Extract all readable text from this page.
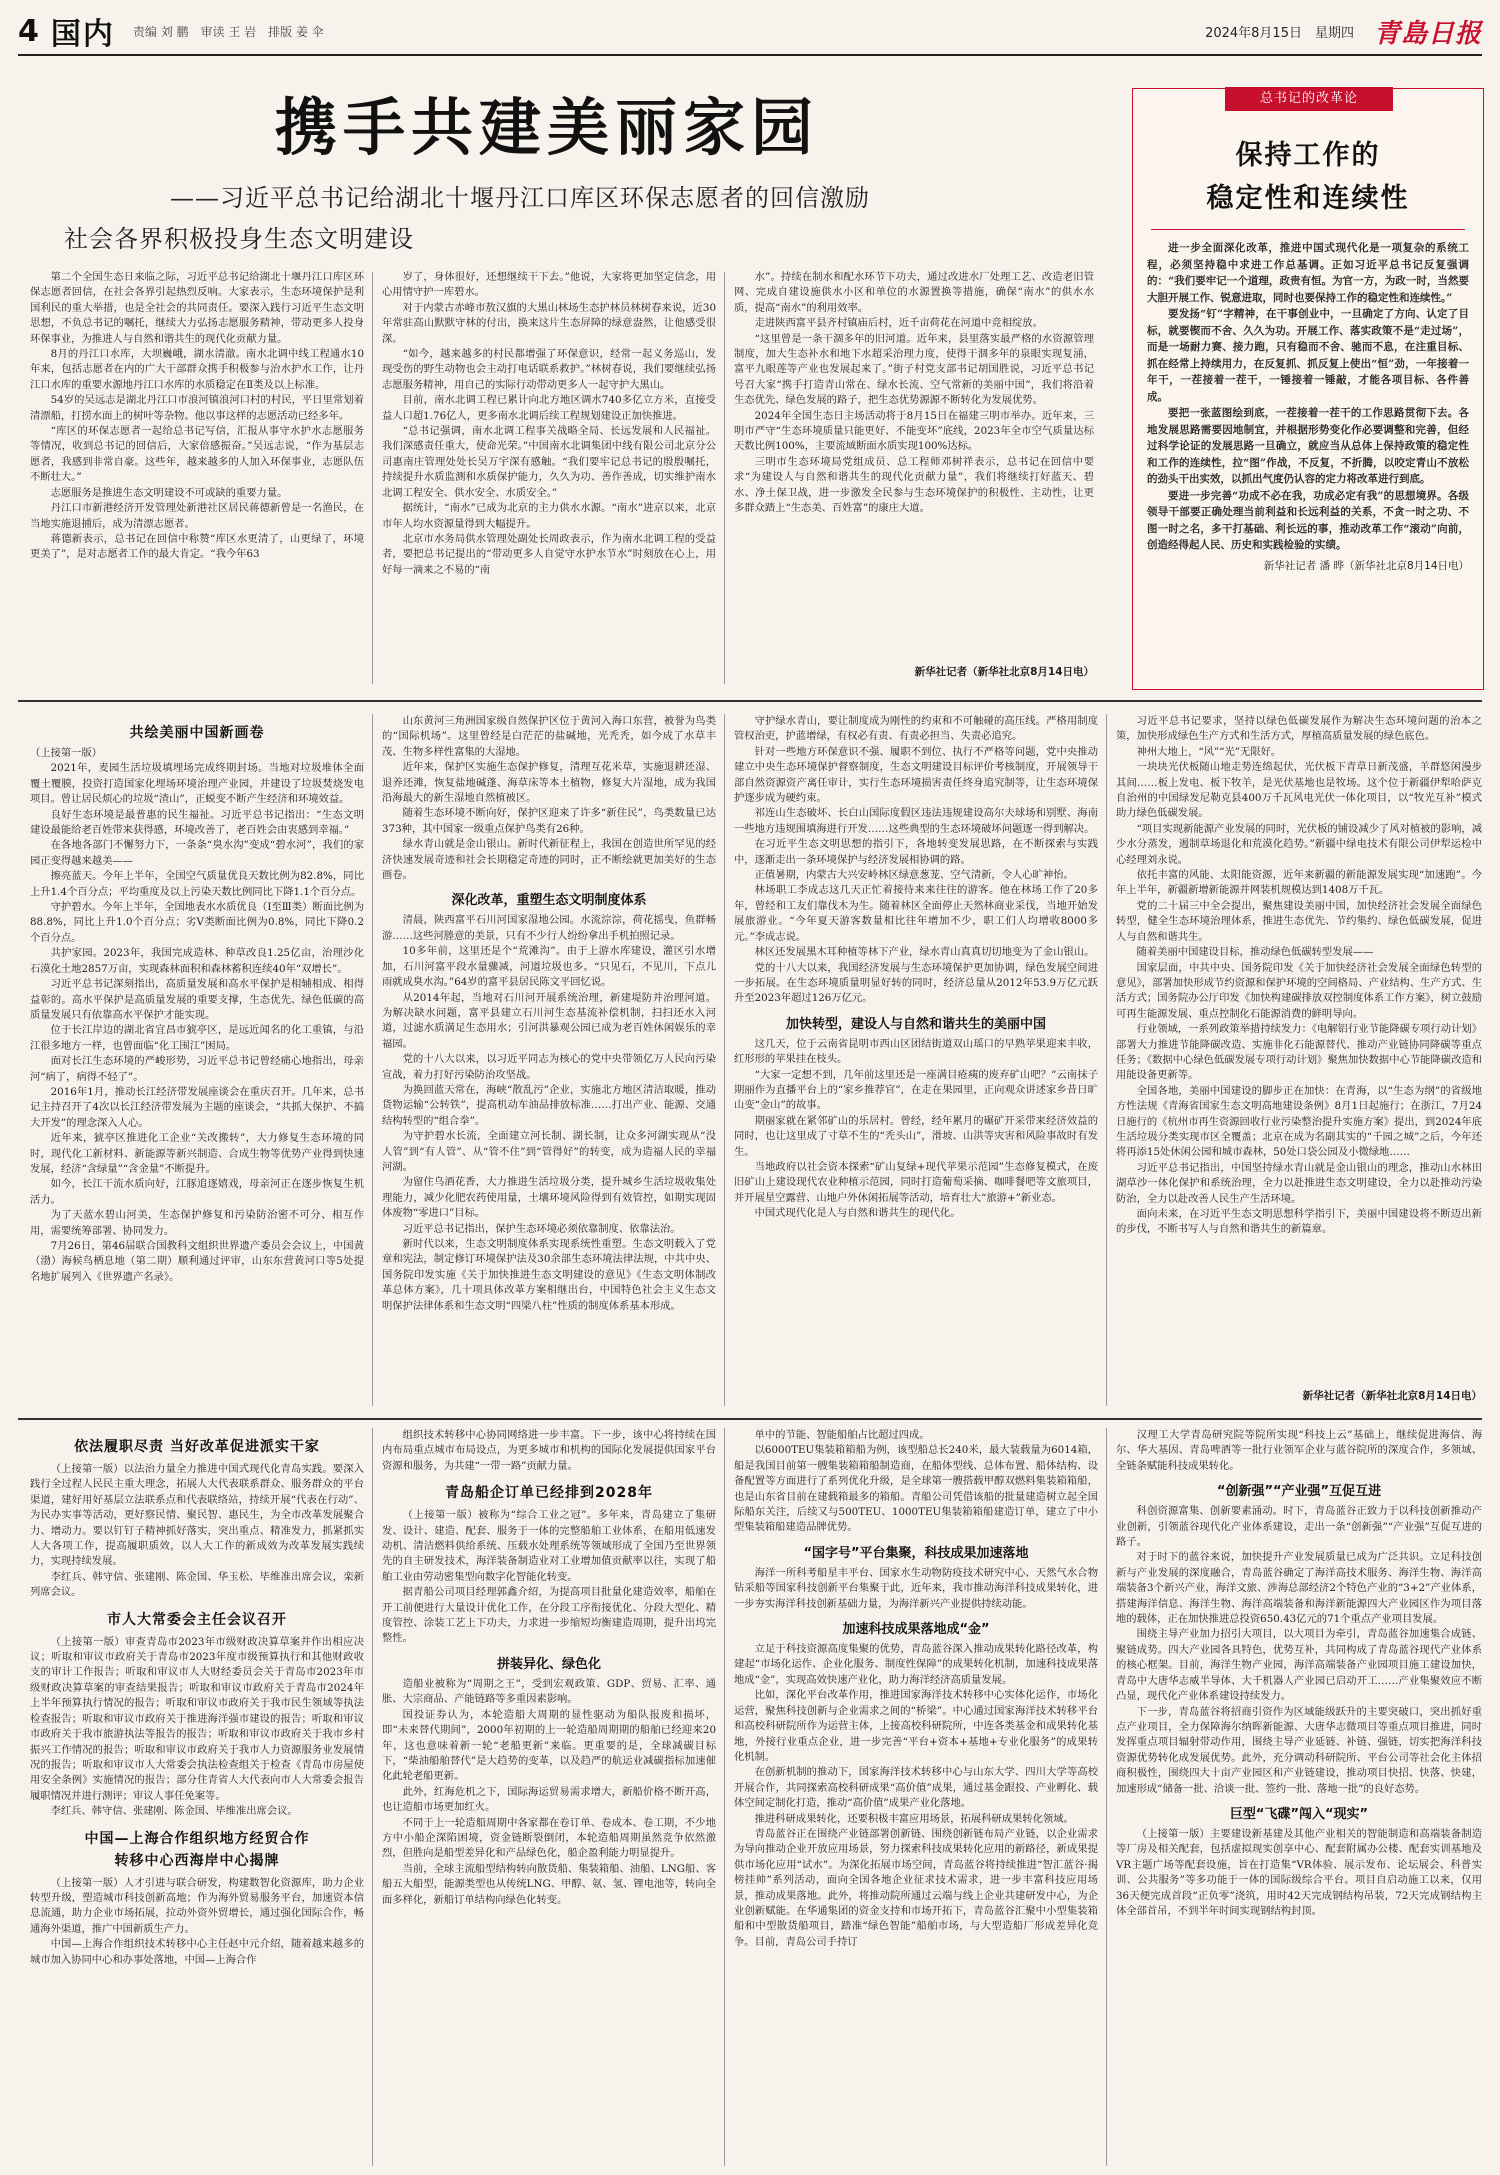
4 国内 责编 刘 鹏 审读 王 岩 排版 姜 伞	2024年8月15日　星期四 青島日报
携手共建美丽家园
——习近平总书记给湖北十堰丹江口库区环保志愿者的回信激励
社会各界积极投身生态文明建设

第二个全国生态日来临之际，习近平总书记给湖北十堰丹江口库区环保志愿者回信，在社会各界引起热烈反响。大家表示，生态环境保护是利国利民的重大举措，也是全社会的共同责任。要深入践行习近平生态文明思想，不负总书记的嘱托，继续大力弘扬志愿服务精神，带动更多人投身环保事业，为推进人与自然和谐共生的现代化贡献力量。

8月的丹江口水库，大坝巍峨，湖水清澈。南水北调中线工程通水10年来，包括志愿者在内的广大干部群众携手积极参与治水护水工作，让丹江口水库的重要水源地丹江口水库的水质稳定在Ⅱ类及以上标准。

54岁的吴远志是湖北丹江口市浪河镇浪河口村的村民，平日里常划着清漂船，打捞水面上的树叶等杂物。他以事这样的志愿活动已经多年。

“库区的环保志愿者一起给总书记写信，汇报从事守水护水志愿服务等情况，收到总书记的回信后，大家倍感振奋。”吴远志说，“作为基层志愿者，我感到非常自豪。这些年，越来越多的人加入环保事业，志愿队伍不断壮大。”

志愿服务是推进生态文明建设不可或缺的重要力量。

丹江口市新港经济开发管理处新港社区居民蒋德新曾是一名渔民，在当地实施退捕后，成为清漂志愿者。

蒋德新表示，总书记在回信中称赞“库区水更清了，山更绿了，环境更美了”，是对志愿者工作的最大肯定。“我今年63

岁了，身体很好，还想继续干下去。”他说，大家将更加坚定信念，用心用情守护一库碧水。

对于内蒙古赤峰市敖汉旗的大黑山林场生态护林员林树春来说，近30年常驻高山默默守林的付出，换来这片生态屏障的绿意盎然，让他感受很深。

“如今，越来越多的村民都增强了环保意识，经常一起义务巡山，发现受伤的野生动物也会主动打电话联系救护。”林树春说，我们要继续弘扬志愿服务精神，用自己的实际行动带动更多人一起守护大黑山。

目前，南水北调工程已累计向北方地区调水740多亿立方米，直接受益人口超1.76亿人，更多南水北调后续工程规划建设正加快推进。

“总书记强调，南水北调工程事关战略全局、长远发展和人民福祉。我们深感责任重大，使命光荣。”中国南水北调集团中线有限公司北京分公司惠南庄管理处处长吴万宇深有感触。“我们要牢记总书记的殷殷嘱托，持续提升水质监测和水质保护能力，久久为功、善作善成，切实维护南水北调工程安全、供水安全、水质安全。”

据统计，“南水”已成为北京的主力供水水源。“南水”进京以来，北京市年人均水资源量得到大幅提升。

北京市水务局供水管理处副处长周政表示，作为南水北调工程的受益者，要把总书记提出的“带动更多人自觉守水护水节水”时刻放在心上，用好每一滴来之不易的“南

水”。持续在制水和配水环节下功夫，通过改进水厂处理工艺、改造老旧管网、完成自建设施供水小区和单位的水源置换等措施，确保“南水”的供水水质，提高“南水”的利用效率。

走进陕西富平县齐村镇庙后村，近千亩荷花在河道中竞相绽放。

“这里曾是一条干涸多年的旧河道。近年来，县里落实最严格的水资源管理制度，加大生态补水和地下水超采治理力度，使得干涸多年的泉眼实现复涌，富平九眼莲等产业也发展起来了。”街子村党支部书记胡国胜说，习近平总书记号召大家“携手打造青山常在、绿水长流、空气常新的美丽中国”，我们将沿着生态优先、绿色发展的路子，把生态优势源源不断转化为发展优势。

2024年全国生态日主场活动将于8月15日在福建三明市举办。近年来，三明市严守“生态环境质量只能更好、不能变坏”底线，2023年全市空气质量达标天数比例100%，主要流域断面水质实现100%达标。

三明市生态环境局党组成员、总工程师邓树祥表示，总书记在回信中要求“为建设人与自然和谐共生的现代化贡献力量”，我们将继续打好蓝天、碧水、净土保卫战，进一步激发全民参与生态环境保护的积极性、主动性，让更多群众踏上“生态美、百姓富”的康庄大道。

新华社记者（新华社北京8月14日电）
总书记的改革论
保持工作的
稳定性和连续性

进一步全面深化改革，推进中国式现代化是一项复杂的系统工程，必须坚持稳中求进工作总基调。正如习近平总书记反复强调的：“我们要牢记一个道理，政贵有恒。为官一方，为政一时，当然要大胆开展工作、锐意进取，同时也要保持工作的稳定性和连续性。”

要发扬“钉”字精神，在干事创业中，一旦确定了方向、认定了目标，就要锲而不舍、久久为功。开展工作、落实政策不是“走过场”，而是一场耐力赛、接力跑，只有稳而不舍、驰而不息，在注重目标、抓在经常上持续用力，在反复抓、抓反复上使出“恒”劲，一年接着一年干，一茬接着一茬干，一锤接着一锤敲，才能各项目标、各件善成。

要把一张蓝图绘到底，一茬接着一茬干的工作思路贯彻下去。各地发展思路需要因地制宜，并根据形势变化作必要调整和完善，但经过科学论证的发展思路一旦确立，就应当从总体上保持政策的稳定性和工作的连续性，拉“图”作战，不反复，不折腾，以咬定青山不放松的劲头干出实效，以抓出气度仍认容的定力将改革进行到底。

要进一步完善“功成不必在我，功成必定有我”的思想境界。各级领导干部要正确处理当前利益和长远利益的关系，不贪一时之功、不图一时之名，多干打基础、利长远的事，推动改革工作“滚动”向前，创造经得起人民、历史和实践检验的实绩。

新华社记者 潘 晔（新华社北京8月14日电）
共绘美丽中国新画卷

（上接第一版）

2021年，麦园生活垃圾填埋场完成终期封场。当地对垃圾堆体全面覆土覆膜，投资打造国家化埋场环境治理产业园，并建设了垃圾焚烧发电项目。曾让居民烦心的垃圾“渣山”，正蜕变不断产生经济和环境效益。

良好生态环境是最普惠的民生福祉。习近平总书记指出：“生态文明建设最能给老百姓带来获得感，环境改善了，老百姓会由衷感到幸福。”

在各地各部门不懈努力下，一条条“臭水沟”变成“碧水河”，我们的家园正变得越来越美——

擦亮蓝天。今年上半年，全国空气质量优良天数比例为82.8%，同比上升1.4个百分点；平均重度及以上污染天数比例同比下降1.1个百分点。

守护碧水。今年上半年，全国地表水水质优良（Ⅰ至Ⅲ类）断面比例为88.8%，同比上升1.0个百分点；劣Ⅴ类断面比例为0.8%，同比下降0.2个百分点。

共护家园。2023年，我国完成造林、种草改良1.25亿亩，治理沙化石漠化土地2857万亩，实现森林面积和森林蓄积连续40年“双增长”。

习近平总书记深刻指出，高质量发展和高水平保护是相辅相成、相得益彰的。高水平保护是高质量发展的重要支撑，生态优先、绿色低碳的高质量发展只有依靠高水平保护才能实现。

位于长江岸边的湖北省宜昌市猇亭区，是远近闻名的化工重镇，与沿江很多地方一样，也曾面临“化工围江”困局。

面对长江生态环境的严峻形势，习近平总书记曾经痛心地指出，母亲河“病了，病得不轻了”。

2016年1月，推动长江经济带发展座谈会在重庆召开。几年来，总书记主持召开了4次以长江经济带发展为主题的座谈会，“共抓大保护、不搞大开发”的理念深入人心。

近年来，猇亭区推进化工企业“关改搬转”，大力修复生态环境的同时，现代化工新材料、新能源等新兴制造、合成生物等优势产业得到快速发展，经济“含绿量”“含金量”不断提升。

如今，长江干流水质向好，江豚追逐嬉戏，母亲河正在逐步恢复生机活力。

为了天蓝水碧山河美，生态保护修复和污染防治密不可分、相互作用，需要统筹部署、协同发力。

7月26日，第46届联合国教科文组织世界遗产委员会会议上，中国黄（渤）海候鸟栖息地（第二期）顺利通过评审，山东东营黄河口等5处提名地扩展列入《世界遗产名录》。

山东黄河三角洲国家级自然保护区位于黄河入海口东营，被誉为鸟类的“国际机场”。这里曾经是白茫茫的盐碱地，光秃秃，如今成了水草丰茂、生物多样性富集的大湿地。

近年来，保护区实施生态保护修复，清理互花米草，实施退耕还湿、退养还滩，恢复盐地碱蓬、海草床等本土植物，修复大片湿地，成为我国沿海最大的新生湿地自然植被区。

随着生态环境不断向好，保护区迎来了许多“新住民”，鸟类数量已达373种，其中国家一级重点保护鸟类有26种。

绿水青山就是金山银山。新时代新征程上，我国在创造世所罕见的经济快速发展奇迹和社会长期稳定奇迹的同时，正不断绘就更加美好的生态画卷。

深化改革，重塑生态文明制度体系

清晨，陕西富平石川河国家湿地公园。水流淙淙，荷花摇曳，鱼群畅游……这些河塍意的美景，只有不少行人纷纷拿出手机拍照记录。

10多年前，这里还是个“荒滩沟”。由于上游水库建设，灌区引水增加，石川河富平段水量骤减，河道垃圾也多。“只见石，不见川，下点儿雨就成臭水沟。”64岁的富平县居民陈文平回忆说。

从2014年起，当地对石川河开展系统治理，新建堤防并治理河道。为解决缺水问题，富平县建立石川河生态基流补偿机制，扫扫还水入河道，过滤水质满足生态用水；引河洪暴观公园已成为老百姓休闲娱乐的幸福园。

党的十八大以来，以习近平同志为核心的党中央带领亿万人民向污染宣战，着力打好污染防治攻坚战。

为换回蓝天常在，海峡“散乱污”企业，实施北方地区清洁取暖，推动货物运输“公转铁”，提高机动车油品排放标准……打出产业、能源、交通结构转型的“组合拳”。

为守护碧水长流，全面建立河长制、湖长制，让众多河湖实现从“没人管”到“有人管”、从“管不住”到“管得好”的转变，成为造福人民的幸福河湖。

为留住乌酒花香，大力推进生活垃圾分类，提升城乡生活垃圾收集处理能力，减少化肥农药使用量，土壤环境风险得到有效管控，如期实现固体废物“零进口”目标。

习近平总书记指出，保护生态环境必须依靠制度、依靠法治。

新时代以来，生态文明制度体系实现系统性重塑。生态文明载入了党章和宪法，制定修订环境保护法及30余部生态环境法律法规，中共中央、国务院印发实施《关于加快推进生态文明建设的意见》《生态文明体制改革总体方案》，几十项具体改革方案相继出台，中国特色社会主义生态文明保护法律体系和生态文明“四梁八柱”性质的制度体系基本形成。

守护绿水青山，要让制度成为刚性的约束和不可触碰的高压线。严格用制度管权治吏，护蓝增绿，有权必有责、有责必担当、失责必追究。

针对一些地方环保意识不强、履职不到位、执行不严格等问题，党中央推动建立中央生态环境保护督察制度，生态文明建设目标评价考核制度，开展领导干部自然资源资产离任审计，实行生态环境损害责任终身追究制等，让生态环境保护逐步成为硬约束。

祁连山生态破坏、长白山国际度假区违法违规建设高尔夫球场和别墅、海南一些地方违规围填海进行开发……这些典型的生态环境破坏问题逐一得到解决。

在习近平生态文明思想的指引下，各地转变发展思路，在不断探索与实践中，逐渐走出一条环境保护与经济发展相协调的路。

正值暑期，内蒙古大兴安岭林区绿意葱茏、空气清新，令人心旷神怡。

林场职工李成志这几天正忙着接待来来往往的游客。他在林场工作了20多年，曾经和工友们靠伐木为生。随着林区全面停止天然林商业采伐，当地开始发展旅游业。“今年夏天游客数量相比往年增加不少，职工们人均增收8000多元。”李成志说。

林区还发展黑木耳种植等林下产业，绿水青山真真切切地变为了金山银山。

党的十八大以来，我国经济发展与生态环境保护更加协调，绿色发展空间进一步拓展。在生态环境质量明显好转的同时，经济总量从2012年53.9万亿元跃升至2023年超过126万亿元。

加快转型，建设人与自然和谐共生的美丽中国

这几天，位于云南省昆明市西山区团结街道双山瑶口的早熟苹果迎来丰收，红形形的苹果挂在枝头。

“大家一定想不到，几年前这里还是一座满目疮痍的废弃矿山吧？”云南抹子期丽作为直播平台上的“家乡推荐官”，在走在果园里，正向观众讲述家乡昔日旷山变“金山”的故事。

期丽家就在紧邻矿山的乐居村。曾经，经年累月的碾矿开采带来经济效益的同时，也让这里成了寸草不生的“秃头山”，滑坡、山洪等灾害和风险事故时有发生。

当地政府以社会资本探索“矿山复绿+现代苹果示范园”生态修复模式，在废旧矿山上建设现代农业种植示范园，同时打造葡萄采摘、咖啡餐吧等文旅项目，并开展星空露营、山地户外休闲拓展等活动，培育壮大“旅游+”新业态。

中国式现代化是人与自然和谐共生的现代化。

习近平总书记要求，坚持以绿色低碳发展作为解决生态环境问题的治本之策，加快形成绿色生产方式和生活方式，厚植高质量发展的绿色底色。

神州大地上，“风”“光”无限好。

一块块光伏板随山地走势连绵起伏，光伏板下青草日新茂盛，羊群悠闲漫步其间……板上发电、板下牧羊，是光伏基地也是牧场。这个位于新疆伊犁哈萨克自治州的中国绿发尼勒克县400万千瓦风电光伏一体化项目，以“牧光互补”模式助力绿色低碳发展。

“项目实现新能源产业发展的同时，光伏板的铺设减少了风对植被的影响，减少水分蒸发，遏制草场退化和荒漠化趋势。”新疆中绿电技术有限公司伊犁运检中心经理刘永说。

依托丰富的风能、太阳能资源，近年来新疆的新能源发展实现“加速跑”。今年上半年，新疆新增新能源并网装机规模达到1408万千瓦。

党的二十届三中全会提出，聚焦建设美丽中国，加快经济社会发展全面绿色转型，健全生态环境治理体系，推进生态优先、节约集约、绿色低碳发展，促进人与自然和谐共生。

随着美丽中国建设目标，推动绿色低碳转型发展——

国家层面，中共中央、国务院印发《关于加快经济社会发展全面绿色转型的意见》，部署加快形成节约资源和保护环境的空间格局、产业结构、生产方式、生活方式；国务院办公厅印发《加快构建碳排放双控制度体系工作方案》，树立鼓励可再生能源发展、重点控制化石能源消费的鲜明导向。

行业领域，一系列政策举措持续发力：《电解铝行业节能降碳专项行动计划》部署大力推进节能降碳改造、实施非化石能源替代、推动产业链协同降碳等重点任务；《数据中心绿色低碳发展专项行动计划》聚焦加快数据中心节能降碳改造和用能设备更新等。

全国各地，美丽中国建设的脚步正在加快：在青海，以“生态为纲”的省级地方性法规《青海省国家生态文明高地建设条例》8月1日起施行；在浙江，7月24日施行的《杭州市再生资源回收行业污染整治提升实施方案》提出，到2024年底生活垃圾分类实现市区全覆盖；北京在成为名副其实的“千园之城”之后，今年还将再添15处休闲公园和城市森林，50处口袋公园及小微绿地……

习近平总书记指出，中国坚持绿水青山就是金山银山的理念，推动山水林田湖草沙一体化保护和系统治理，全力以赴推进生态文明建设，全力以赴推动污染防治，全力以赴改善人民生产生活环境。

面向未来，在习近平生态文明思想科学指引下，美丽中国建设将不断迈出新的步伐，不断书写人与自然和谐共生的新篇章。

新华社记者（新华社北京8月14日电）
依法履职尽责 当好改革促进派实干家

（上接第一版）以法治力量全力推进中国式现代化青岛实践。要深入践行全过程人民民主重大理念，拓展人大代表联系群众、服务群众的平台渠道，建好用好基层立法联系点和代表联络站，持续开展“代表在行动”、为民办实事等活动，更好察民情、聚民智、惠民生，为全市改革发展聚合力、增动力。要以钉钉子精神抓好落实，突出重点、精准发力，抓紧抓实人大各项工作，提高履职质效，以人大工作的新成效为改革发展实践续力，实现持续发展。

李红兵、韩守信、张建刚、陈金国、华玉松、毕维准出席会议，栾新列席会议。

市人大常委会主任会议召开

（上接第一版）审查青岛市2023年市级财政决算草案并作出相应决议；听取和审议市政府关于青岛市2023年度市级预算执行和其他财政收支的审计工作报告；听取和审议市人大财经委员会关于青岛市2023年市级财政决算草案的审查结果报告；听取和审议市政府关于青岛市2024年上半年预算执行情况的报告；听取和审议市政府关于我市民生领域等执法检查报告；听取和审议市政府关于推进海洋强市建设的报告；听取和审议市政府关于我市旅游执法等报告的报告；听取和审议市政府关于我市乡村振兴工作情况的报告；听取和审议市政府关于我市人力资源服务业发展情况的报告；听取和审议市人大常委会执法检查组关于检查《青岛市房屋使用安全条例》实施情况的报告；部分住青省人大代表向市人大常委会报告履职情况并进行测评；审议人事任免案等。

李红兵、韩守信、张建刚、陈金国、毕维准出席会议。

中国—上海合作组织地方经贸合作
转移中心西海岸中心揭牌

（上接第一版）人才引进与联合研发，构建数智化资源库，助力企业转型升级，塑造城市科技创新高地；作为海外贸易服务平台，加速资本信息流通，助力企业市场拓展，拉动外资外贸增长，通过强化国际合作，畅通海外渠道，推广中国新质生产力。

中国—上海合作组织技术转移中心主任赵中元介绍，随着越来越多的城市加入协同中心和办事处落地，中国—上海合作

组织技术转移中心协同网络进一步丰富。下一步，该中心将持续在国内布局重点城市布局设点，为更多城市和机构的国际化发展提供国家平台资源和服务，为共建“一带一路”贡献力量。

青岛船企订单已经排到2028年

（上接第一版）被称为“综合工业之冠”。多年来，青岛建立了集研发、设计、建造、配套、服务于一体的完整船舶工业体系，在船用低速发动机、清洁燃料供给系统、压载水处理系统等领域形成了全国乃至世界领先的自主研发技术，海洋装备制造业对工业增加值贡献率以往，实现了船舶工业由劳动密集型向数字化智能化转变。

据青船公司项目经理郭鑫介绍，为提高项目批量化建造效率，船舶在开工前便进行大量设计优化工作，在分段工序衔接优化、分段大型化、精度管控、涂装工艺上下功夫，力求进一步缩短均衡建造周期，提升出坞完整性。

拼装异化、绿色化

造船业被称为“周期之王”，受到宏观政策、GDP、贸易、汇率、通胀、大宗商品、产能链路等多重因素影响。

国投证券认为，本轮造船大周期的显性驱动为船队报废和损坏，即“未来替代期间”，2000年初期的上一轮造船周期期的船舶已经迎来20年，这也意味着新一轮“老船更新”来临。更重要的是，全球减碳目标下，“柴油船舶替代”是大趋势的变革，以及趋严的航运业减碳指标加速催化此轮老船更新。

此外，红海危机之下，国际海运贸易需求增大，新船价格不断开高，也让造船市场更加红火。

不同于上一轮造船周期中各家都在卷订单、卷成本、卷工期，不少地方中小船企深陷困境，资金链断裂倒闭，本轮造船周期虽然竞争依然激烈，但胜向是船型差异化和产品绿色化，船企盈利能力明显提升。

当前，全球主流船型结构转向散货船、集装箱船、油船、LNG船、客船五大船型，能源类型也从传统LNG、甲醇、氨、氢、锂电池等，转向全面多样化，新船订单结构向绿色化转变。

单中的节能、智能船舶占比超过四成。

以6000TEU集装箱箱船为例，该型船总长240米，最大装载量为6014箱，船是我国目前第一艘集装箱箱船制造商，在船体型线、总体布置、船体结构、设备配置等方面进行了系列优化升级，是全球第一艘搭载甲醇双燃料集装箱箱船，也是山东省目前在建载箱最多的箱船。青船公司凭借该船的批量建造树立起全国际船东关注，后续又与500TEU、1000TEU集装箱箱船建造订单，建立了中小型集装箱船建造品牌优势。

“国字号”平台集聚，科技成果加速落地

海洋一所科考船星丰平台、国家水生动物防疫技术研究中心、天然气水合物钻采船等国家科技创新平台集聚于此，近年来，我市推动海洋科技成果转化，进一步夯实海洋科技创新基础力量，为海洋新兴产业提供持续动能。

加速科技成果落地成“金”

立足于科技资源高度集聚的优势，青岛蓝谷深入推动成果转化路径改革，构建起“市场化运作、企业化服务、制度性保障”的成果转化机制，加速科技成果落地成“金”，实现高效快速产业化，助力海洋经济高质量发展。

比如，深化平台改革作用，推进国家海洋技术转移中心实体化运作，市场化运营，聚焦科技创新与企业需求之间的“桥梁”。中心通过国家海洋技术转移平台和高校科研院所作为运营主体，上接高校科研院所，中连各类基金和成果转化基地，外接行业重点企业，进一步完善“平台+资本+基地+专业化服务”的成果转化机制。

在创新机制的推动下，国家海洋技术转移中心与山东大学、四川大学等高校开展合作，共同探索高校科研成果“高价值”成果，通过基金跟投、产业孵化、载体空间定制化打造，推动“高价值”成果产业化落地。

推进科研成果转化，还要积极丰富应用场景，拓展科研成果转化领域。

青岛蓝谷正在围绕产业链部署创新链、围绕创新链布局产业链，以企业需求为导向推动企业开放应用场景，努力探索科技成果转化应用的新路径，新成果提供市场化应用“试水”。为深化拓展市场空间，青岛蓝谷将持续推进“智汇蓝谷·揭榜挂帅”系列活动，面向全国各地企业征求技术需求，进一步丰富科技应用场景，推动成果落地。此外，将推动院所通过云端与线上企业共建研发中心，为企业创新赋能。在华通集团的资金支持和市场开拓下，青岛蓝谷汇聚中小型集装箱船和中型散货船项目，踏准“绿色智能”船舶市场，与大型造船厂形成差异化竞争。目前，青岛公司手持订

汉理工大学青岛研究院等院所实现“科技上云”基础上，继续促进海信、海尔、华大基因、青岛啤酒等一批行业领军企业与蓝谷院所的深度合作，多领域、全链条赋能科技成果转化。

“创新强”“产业强”互促互进

科创资源富集、创新要素涌动。时下，青岛蓝谷正致力于以科技创新推动产业创新，引领蓝谷现代化产业体系建设，走出一条“创新强”“产业强”互促互进的路子。

对于时下的蓝谷来说，加快提升产业发展质量已成为广泛共识。立足科技创新与产业发展的深度融合，青岛蓝谷确定了海洋高技术服务、海洋生物、海洋高端装备3个新兴产业，海洋文旅、涉海总部经济2个特色产业的“3+2”产业体系，搭建海洋信息、海洋生物、海洋高端装备和海洋新能源四大产业园区作为项目落地的载体，正在加快推进总投资650.43亿元的71个重点产业项目发展。

围绕主导产业加力招引大项目，以大项目为牵引，青岛蓝谷加速集合成链、聚链成势。四大产业园各具特色，优势互补，共同构成了青岛蓝谷现代产业体系的核心框架。目前，海洋生物产业园，海洋高端装备产业园项目施工建设加快，青岛中大唐华志威半导体、大千机器人产业园已启动开工……产业集聚效应不断凸显，现代化产业体系建设持续发力。

下一步，青岛蓝谷将招商引资作为区域能级跃升的主要突破口，突出抓好重点产业项目，全力保障海尔纳晖新能源、大唐华志微项目等重点项目推进，同时发挥重点项目辐射带动作用，围绕主导产业延链、补链、强链，切实把海洋科技资源优势转化成发展优势。此外，充分调动科研院所、平台公司等社会化主体招商积极性，围绕四大十亩产业园区和产业链建设，推动项目快招、快落、快建，加速形成“储备一批、洽谈一批、签约一批、落地一批”的良好态势。

巨型“飞碟”闯入“现实”

（上接第一版）主要建设新基建及其他产业相关的智能制造和高端装备制造等厂房及相关配套，包括虚拟现实创享中心、配套附属办公楼、配套实训基地及VR主题广场等配套设施，旨在打造集“VR体验、展示发布、论坛展会、科普实训、公共服务”等多功能于一体的国际级综合平台。项目自启动施工以来，仅用36天便完成首段“正负零”浇筑，用时42天完成钢结构吊装，72天完成钢结构主体全部首吊，不到半年时间实现钢结构封顶。
